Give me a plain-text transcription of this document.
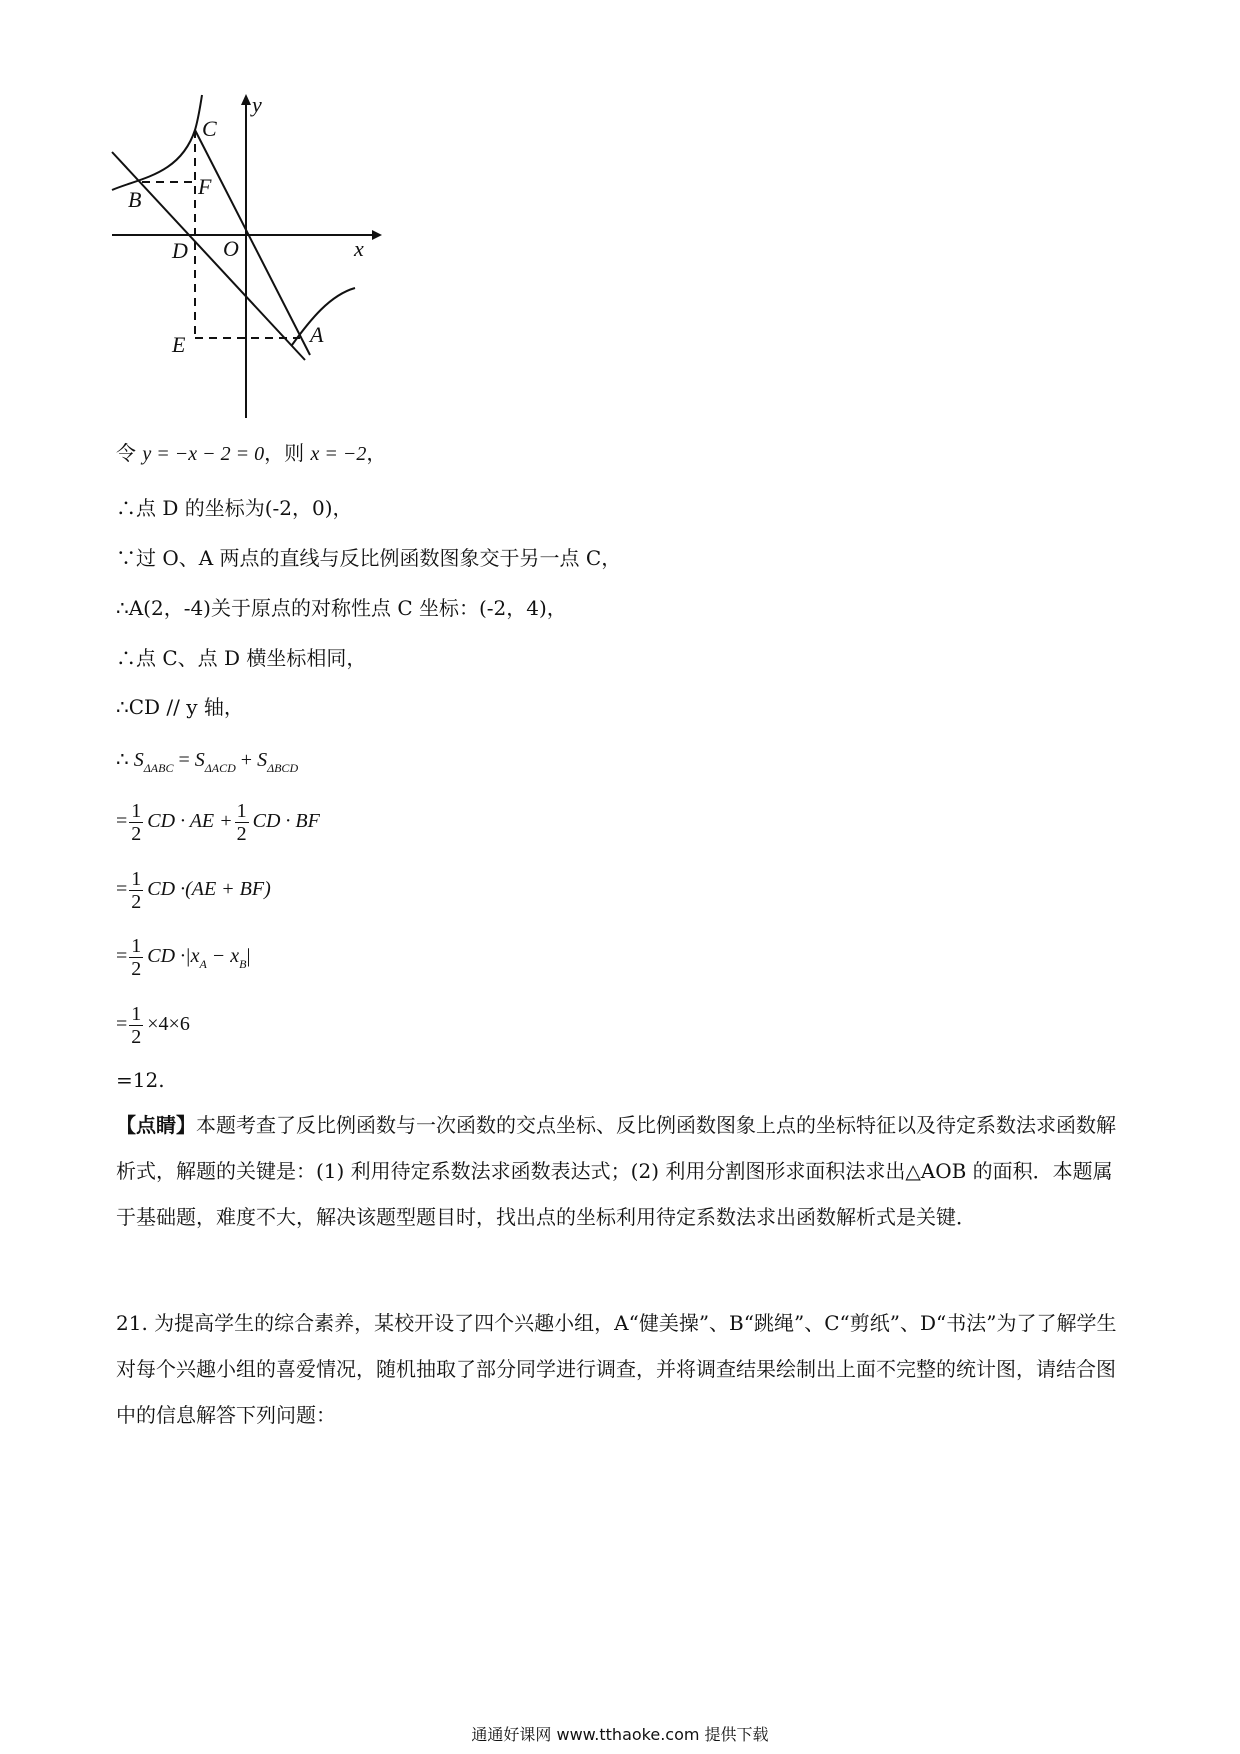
y
x
C
F
B
D O
E	A
令 y = −x − 2 = 0，则 x = −2，
∴点 D 的坐标为(-2，0)，
∵过 O、A 两点的直线与反比例函数图象交于另一点 C，
∴A(2，-4)关于原点的对称性点 C 坐标：(-2，4)，
∴点 C、点 D 横坐标相同，
∴CD // y 轴，
∴ $S_{\Delta ABC} = S_{\Delta ACD} + S_{\Delta BCD}$
= $\frac{1}{2}$ CD · AE + $\frac{1}{2}$ CD · BF
= $\frac{1}{2}$ CD ·(AE + BF)
= $\frac{1}{2}$ CD $\cdot|x_A - x_B|$
= $\frac{1}{2} \times 4\times 6$
=12.
【点睛】本题考查了反比例函数与一次函数的交点坐标、反比例函数图象上点的坐标特征以及待定系数法求函数解析式，解题的关键是：(1) 利用待定系数法求函数表达式；(2) 利用分割图形求面积法求出△AOB 的面积．本题属于基础题，难度不大，解决该题型题目时，找出点的坐标利用待定系数法求出函数解析式是关键．
21. 为提高学生的综合素养，某校开设了四个兴趣小组，A“健美操”、B“跳绳”、C“剪纸”、D“书法”为了了解学生对每个兴趣小组的喜爱情况，随机抽取了部分同学进行调查，并将调查结果绘制出上面不完整的统计图，请结合图中的信息解答下列问题：
通通好课网 www.tthaoke.com 提供下载
